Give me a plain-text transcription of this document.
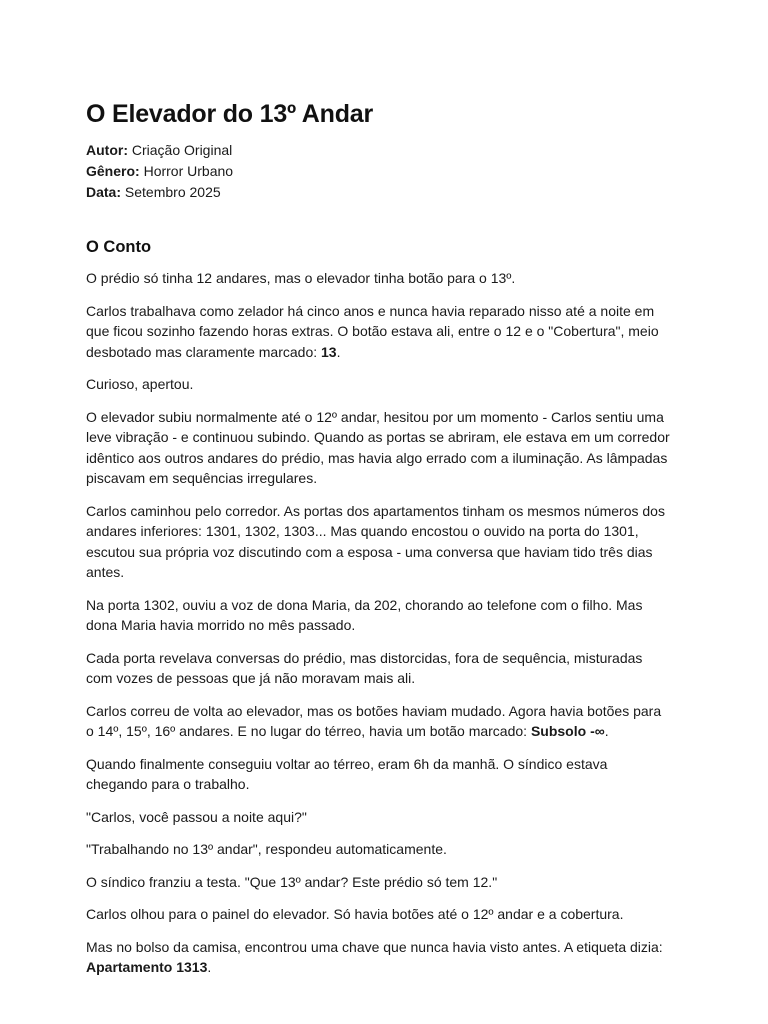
O Elevador do 13º Andar
Autor: Criação Original
Gênero: Horror Urbano
Data: Setembro 2025
O Conto

O prédio só tinha 12 andares, mas o elevador tinha botão para o 13º.

Carlos trabalhava como zelador há cinco anos e nunca havia reparado nisso até a noite em que ficou sozinho fazendo horas extras. O botão estava ali, entre o 12 e o "Cobertura", meio desbotado mas claramente marcado: 13.

Curioso, apertou.

O elevador subiu normalmente até o 12º andar, hesitou por um momento - Carlos sentiu uma leve vibração - e continuou subindo. Quando as portas se abriram, ele estava em um corredor idêntico aos outros andares do prédio, mas havia algo errado com a iluminação. As lâmpadas piscavam em sequências irregulares.

Carlos caminhou pelo corredor. As portas dos apartamentos tinham os mesmos números dos andares inferiores: 1301, 1302, 1303... Mas quando encostou o ouvido na porta do 1301, escutou sua própria voz discutindo com a esposa - uma conversa que haviam tido três dias antes.

Na porta 1302, ouviu a voz de dona Maria, da 202, chorando ao telefone com o filho. Mas dona Maria havia morrido no mês passado.

Cada porta revelava conversas do prédio, mas distorcidas, fora de sequência, misturadas com vozes de pessoas que já não moravam mais ali.

Carlos correu de volta ao elevador, mas os botões haviam mudado. Agora havia botões para o 14º, 15º, 16º andares. E no lugar do térreo, havia um botão marcado: Subsolo -∞.

Quando finalmente conseguiu voltar ao térreo, eram 6h da manhã. O síndico estava chegando para o trabalho.

"Carlos, você passou a noite aqui?"

"Trabalhando no 13º andar", respondeu automaticamente.

O síndico franziu a testa. "Que 13º andar? Este prédio só tem 12."

Carlos olhou para o painel do elevador. Só havia botões até o 12º andar e a cobertura.

Mas no bolso da camisa, encontrou uma chave que nunca havia visto antes. A etiqueta dizia: Apartamento 1313.
